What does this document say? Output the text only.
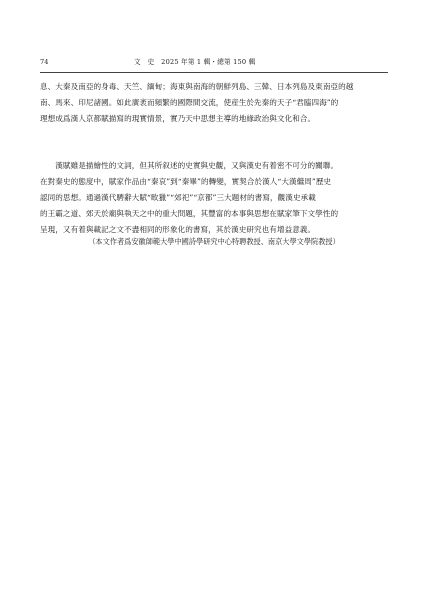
74	文　史　2025 年第 1 輯・總第 150 輯
息、大秦及南亞的身毒、天竺、緬甸；海東與南海的朝鮮列島、三韓、日本列島及東南亞的越
南、馬來、印尼諸國。如此廣袤而頻繁的國際間交流，使産生於先秦的天子“君臨四海”的
理想成爲漢人京都賦描寫的現實情景，實乃天中思想主導的地緣政治與文化和合。
　　漢賦雖是描繪性的文詞，但其所叙述的史實與史觀，又與漢史有着密不可分的關聯。
在對秦史的態度中，賦家作品由“秦哀”到“秦畢”的轉變，實契合於漢人“大漢繼周”歷史
認同的思想。通過漢代騁辭大賦“畋獵”“郊祀”“京都”三大題材的書寫，觀漢史承載
的王霸之道、郊天於廟與執天之中的重大問題，其豐富的本事與思想在賦家筆下文學性的
呈現，又有着與載記之文不盡相同的形象化的書寫，其於漢史研究也有增益意義。
（本文作者爲安徽師範大學中國詩學研究中心特聘教授、南京大學文學院教授）
